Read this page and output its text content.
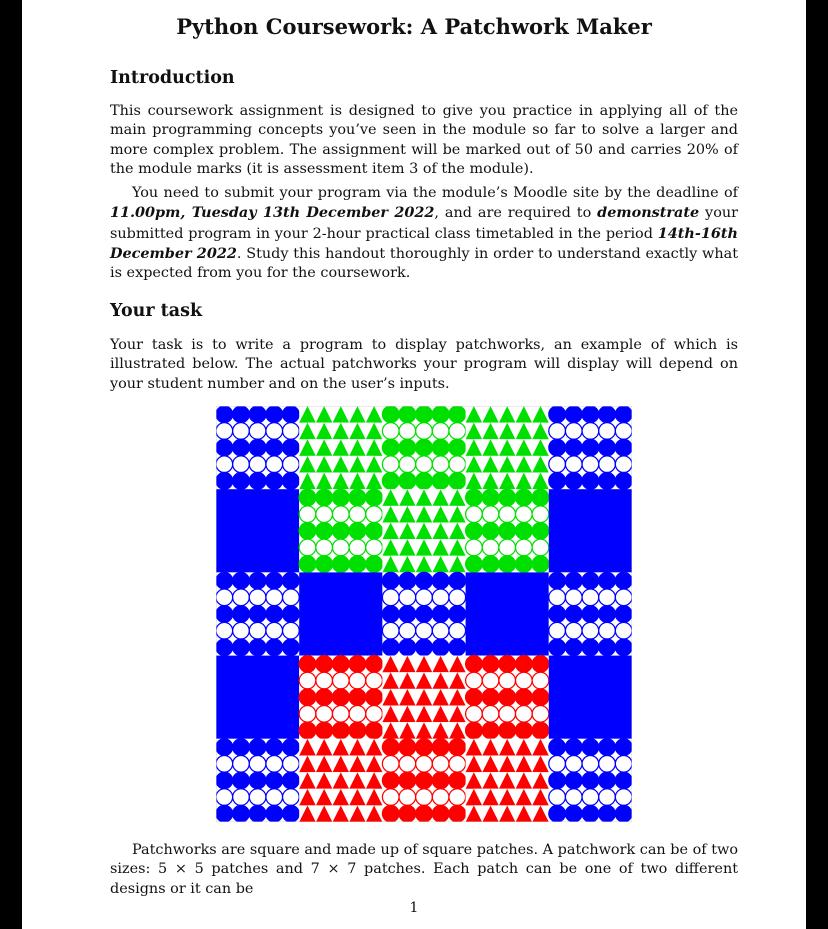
Python Coursework: A Patchwork Maker
Introduction
This coursework assignment is designed to give you practice in applying all of the main programming concepts you’ve seen in the module so far to solve a larger and more complex problem. The assignment will be marked out of 50 and carries 20% of the module marks (it is assessment item 3 of the module).
You need to submit your program via the module’s Moodle site by the deadline of 11.00pm, Tuesday 13th December 2022, and are required to demonstrate your submitted program in your 2-hour practical class timetabled in the period 14th-16th December 2022. Study this handout thoroughly in order to understand exactly what is expected from you for the coursework.
Your task
Your task is to write a program to display patchworks, an example of which is illustrated below. The actual patchworks your program will display will depend on your student number and on the user’s inputs.
Patchworks are square and made up of square patches. A patchwork can be of two sizes: 5 × 5 patches and 7 × 7 patches. Each patch can be one of two different designs or it can be
1
